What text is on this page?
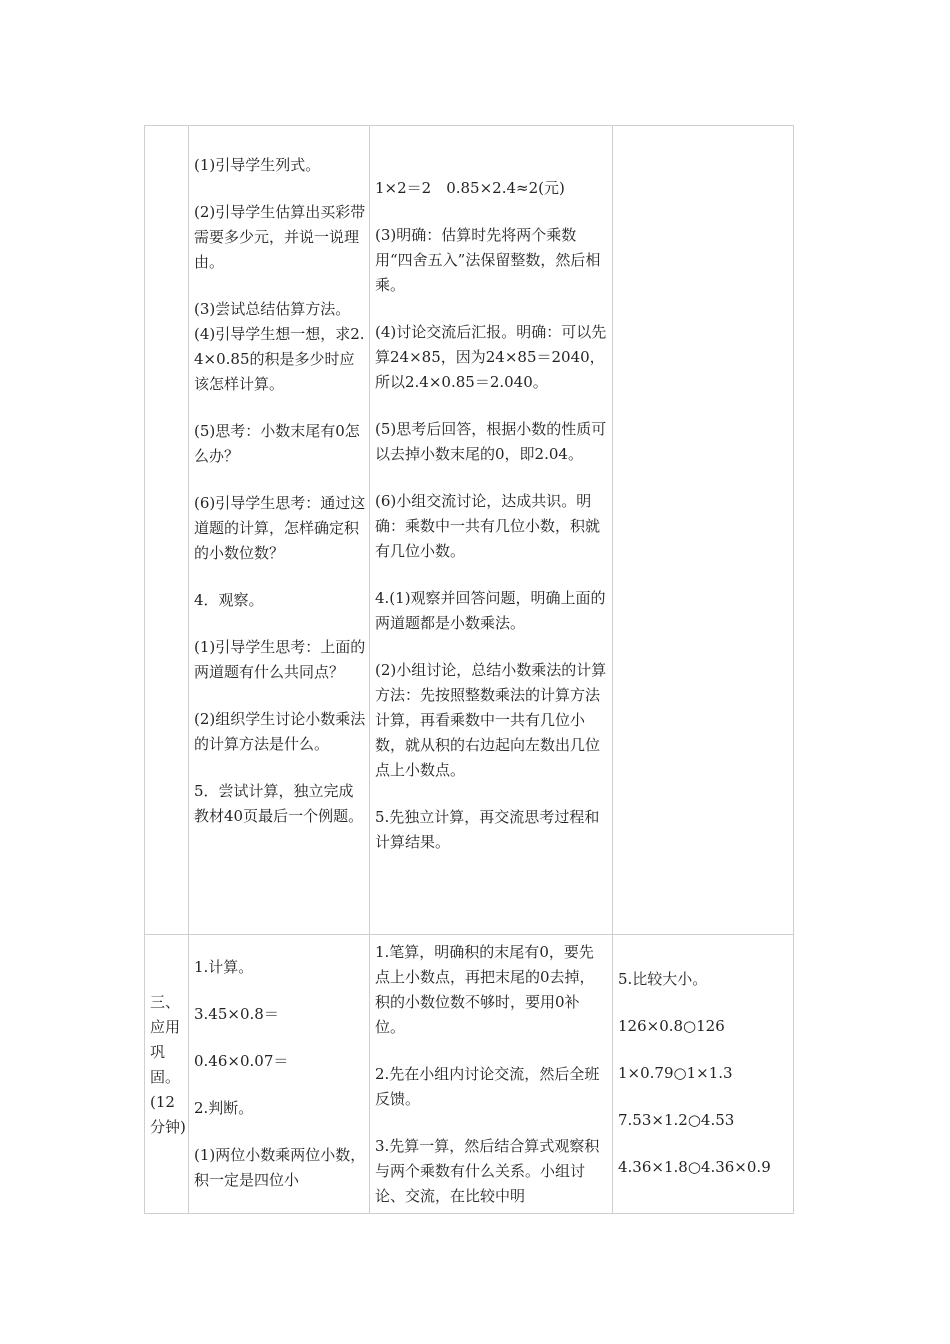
(1)引导学生列式。

(2)引导学生估算出买彩带需要多少元，并说一说理由。

(3)尝试总结估算方法。(4)引导学生想一想，求2.4×0.85的积是多少时应该怎样计算。

(5)思考：小数末尾有0怎么办？

(6)引导学生思考：通过这道题的计算，怎样确定积的小数位数？

4．观察。

(1)引导学生思考：上面的两道题有什么共同点？

(2)组织学生讨论小数乘法的计算方法是什么。

5．尝试计算，独立完成教材40页最后一个例题。

1×2＝2　0.85×2.4≈2(元)

(3)明确：估算时先将两个乘数用“四舍五入”法保留整数，然后相乘。

(4)讨论交流后汇报。明确：可以先算24×85，因为24×85＝2040，所以2.4×0.85＝2.040。

(5)思考后回答，根据小数的性质可以去掉小数末尾的0，即2.04。

(6)小组交流讨论，达成共识。明确：乘数中一共有几位小数，积就有几位小数。

4.(1)观察并回答问题，明确上面的两道题都是小数乘法。

(2)小组讨论，总结小数乘法的计算方法：先按照整数乘法的计算方法计算，再看乘数中一共有几位小数，就从积的右边起向左数出几位点上小数点。

5.先独立计算，再交流思考过程和计算结果。

三、应用巩固。(12分钟)

1.计算。

3.45×0.8＝

0.46×0.07＝

2.判断。

(1)两位小数乘两位小数，积一定是四位小

1.笔算，明确积的末尾有0，要先点上小数点，再把末尾的0去掉，积的小数位数不够时，要用0补位。

2.先在小组内讨论交流，然后全班反馈。

3.先算一算，然后结合算式观察积与两个乘数有什么关系。小组讨论、交流，在比较中明

5.比较大小。

126×0.8○126

1×0.79○1×1.3

7.53×1.2○4.53

4.36×1.8○4.36×0.9
